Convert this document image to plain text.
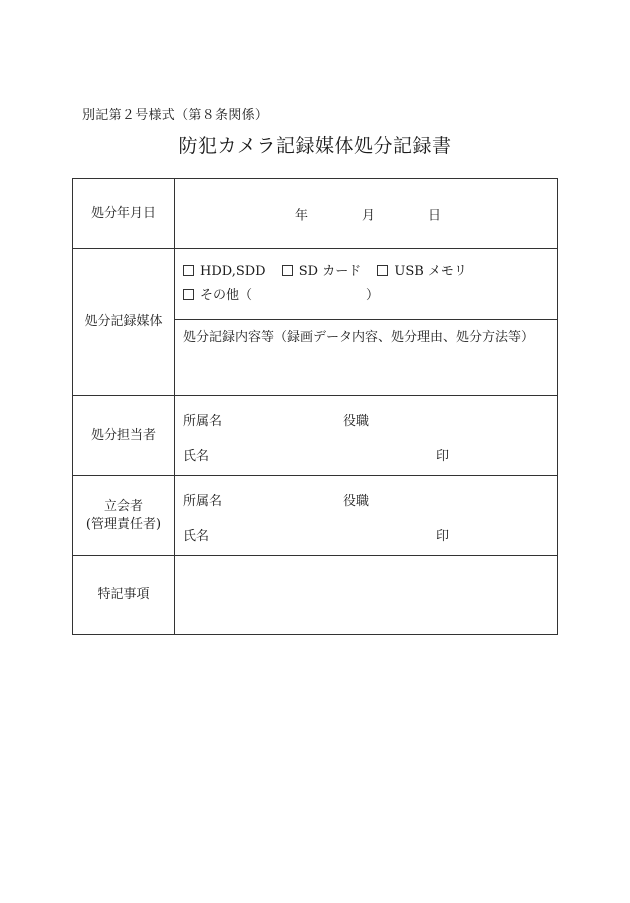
別記第２号様式（第８条関係）
防犯カメラ記録媒体処分記録書
処分年月日	年 月 日

処分記録媒体	HDD,SDD SD カード USB メモリ
その他（ ）

	処分記録内容等（録画データ内容、処分理由、処分方法等）
処分担当者	所属名 役職
氏名 印

立会者
(管理責任者)	所属名 役職
氏名 印

特記事項	
